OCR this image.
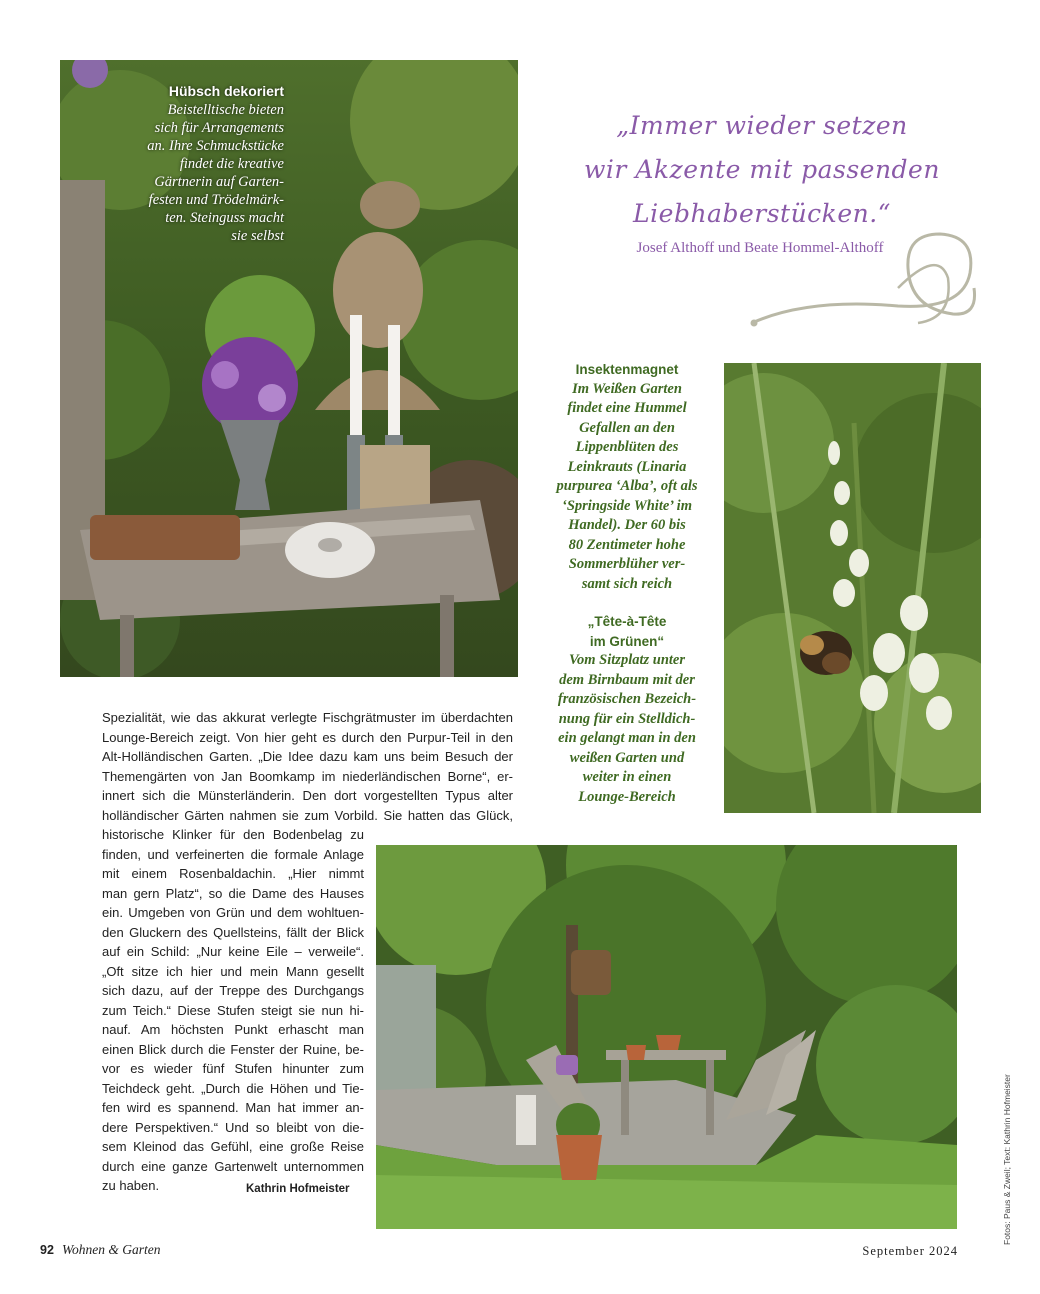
Hübsch dekoriert
Beistelltische bieten
sich für Arrangements
an. Ihre Schmuckstücke
findet die kreative
Gärtnerin auf Garten-
festen und Trödelmärk-
ten. Steinguss macht
sie selbst
„Immer wieder setzen
wir Akzente mit passenden
Liebhaberstücken.“
Josef Althoff und Beate Hommel-Althoff
Insektenmagnet
Im Weißen Garten
findet eine Hummel
Gefallen an den
Lippenblüten des
Leinkrauts (Linaria
purpurea ‘Alba’, oft als
‘Springside White’ im
Handel). Der 60 bis
80 Zentimeter hohe
Sommerblüher ver-
samt sich reich
„Tête-à-Tête
im Grünen“
Vom Sitzplatz unter
dem Birnbaum mit der
französischen Bezeich-
nung für ein Stelldich-
ein gelangt man in den
weißen Garten und
weiter in einen
Lounge-Bereich
Spezialität, wie das akkurat verlegte Fischgrätmuster im überdachten
Lounge-Bereich zeigt. Von hier geht es durch den Purpur-Teil in den
Alt-Holländischen Garten. „Die Idee dazu kam uns beim Besuch der
Themengärten von Jan Boomkamp im niederländischen Borne“, er-
innert sich die Münsterländerin. Den dort vorgestellten Typus alter
holländischer Gärten nahmen sie zum Vorbild. Sie hatten das Glück,
historische Klinker für den Bodenbelag zu
finden, und verfeinerten die formale Anlage
mit einem Rosenbaldachin. „Hier nimmt
man gern Platz“, so die Dame des Hauses
ein. Umgeben von Grün und dem wohltuen-
den Gluckern des Quellsteins, fällt der Blick
auf ein Schild: „Nur keine Eile – verweile“.
„Oft sitze ich hier und mein Mann gesellt
sich dazu, auf der Treppe des Durchgangs
zum Teich.“ Diese Stufen steigt sie nun hi-
nauf. Am höchsten Punkt erhascht man
einen Blick durch die Fenster der Ruine, be-
vor es wieder fünf Stufen hinunter zum
Teichdeck geht. „Durch die Höhen und Tie-
fen wird es spannend. Man hat immer an-
dere Perspektiven.“ Und so bleibt von die-
sem Kleinod das Gefühl, eine große Reise
durch eine ganze Gartenwelt unternommen
zu haben.	Kathrin Hofmeister
92 Wohnen & Garten	September 2024
Fotos: Paus & Zweil; Text: Kathrin Hofmeister
